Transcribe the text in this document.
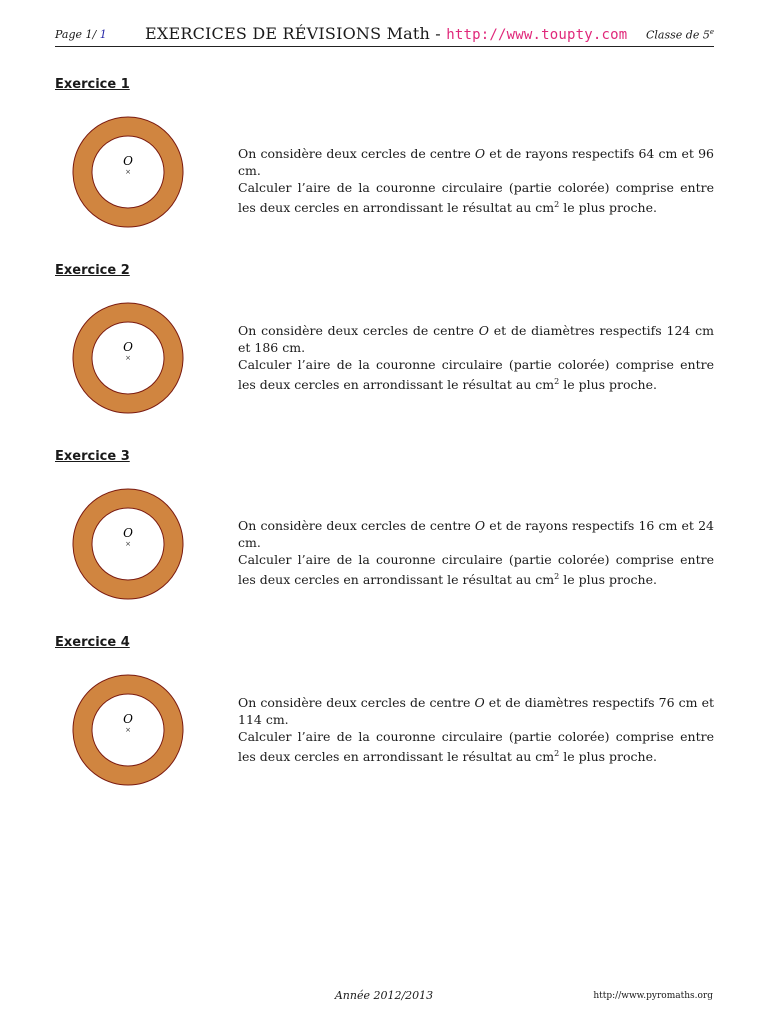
Page 1/ 1 EXERCICES DE RÉVISIONS Math - http://www.toupty.com Classe de 5e
Exercice 1
O
×

On considère deux cercles de centre O et de rayons respectifs 64 cm et 96 cm.

Calculer l’aire de la couronne circulaire (partie colorée) comprise entre les deux cercles en arrondissant le résultat au $cm^2$ le plus proche.

Exercice 2
O
×

On considère deux cercles de centre O et de diamètres respectifs 124 cm et 186 cm.

Calculer l’aire de la couronne circulaire (partie colorée) comprise entre les deux cercles en arrondissant le résultat au $cm^2$ le plus proche.

Exercice 3
O
×

On considère deux cercles de centre O et de rayons respectifs 16 cm et 24 cm.

Calculer l’aire de la couronne circulaire (partie colorée) comprise entre les deux cercles en arrondissant le résultat au $cm^2$ le plus proche.

Exercice 4
O
×

On considère deux cercles de centre O et de diamètres respectifs 76 cm et 114 cm.

Calculer l’aire de la couronne circulaire (partie colorée) comprise entre les deux cercles en arrondissant le résultat au $cm^2$ le plus proche.

Année 2012/2013	http://www.pyromaths.org
